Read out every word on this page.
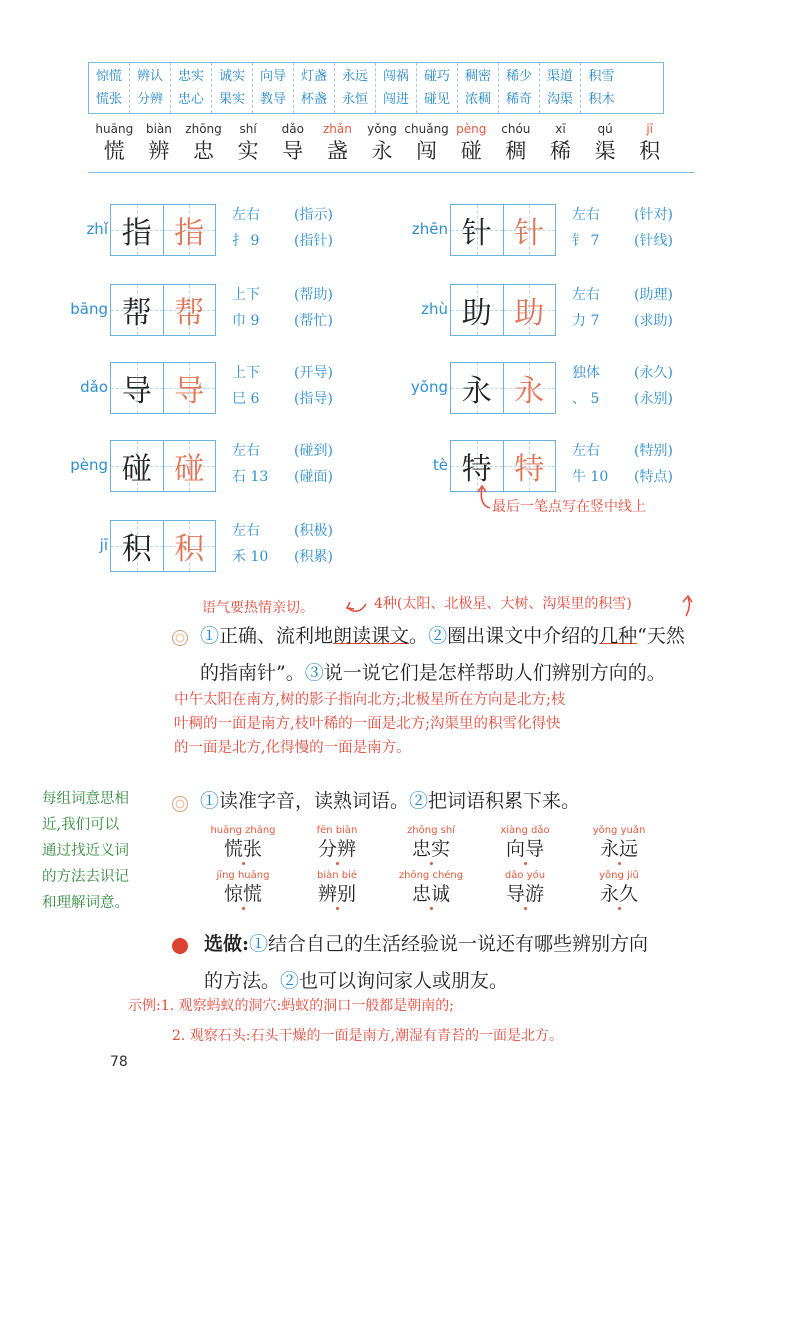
惊慌
慌张
辨认
分辨
忠实
忠心
诚实
果实
向导
教导
灯盏
杯盏
永远
永恒
闯祸
闯进
碰巧
碰见
稠密
浓稠
稀少
稀奇
渠道
沟渠
积雪
积木
huāng
慌
biàn
辨
zhōng
忠
shí
实
dǎo
导
zhǎn
盏
yǒng
永
chuǎng
闯
pèng
碰
chóu
稠
xī
稀
qú
渠
jī
积
zhǐ 指 指
左右
扌 9
(指示)
(指针)
zhēn 针 针
左右
钅 7
(针对)
(针线)
bāng 帮 帮
上下
巾 9
(帮助)
(帮忙)
zhù 助 助
左右
力 7
(助理)
(求助)
dǎo 导 导
上下
巳 6
(开导)
(指导)
yǒng 永 永
独体
、 5
(永久)
(永别)
pèng 碰 碰
左右
石 13
(碰到)
(碰面)
tè 特 特
左右
牛 10
(特别)
(特点)
jī 积 积
左右
禾 10
(积极)
(积累)
最后一笔点写在竖中线上
语气要热情亲切。	4种(太阳、北极星、大树、沟渠里的积雪)
①正确、流利地朗读课文。②圈出课文中介绍的几种“天然
的指南针”。③说一说它们是怎样帮助人们辨别方向的。
中午太阳在南方,树的影子指向北方;北极星所在方向是北方;枝
叶稠的一面是南方,枝叶稀的一面是北方;沟渠里的积雪化得快
的一面是北方,化得慢的一面是南方。
每组词意思相
近,我们可以
通过找近义词
的方法去识记
和理解词意。
①读准字音，读熟词语。②把词语积累下来。
huāng zhāng
慌张
fēn biàn
分辨
zhōng shí
忠实
xiàng dǎo
向导
yǒng yuǎn
永远
jīng huāng
惊慌
biàn bié
辨别
zhōng chéng
忠诚
dǎo yóu
导游
yǒng jiǔ
永久
选做:①结合自己的生活经验说一说还有哪些辨别方向
的方法。②也可以询问家人或朋友。
示例:1. 观察蚂蚁的洞穴:蚂蚁的洞口一般都是朝南的;
2. 观察石头:石头干燥的一面是南方,潮湿有青苔的一面是北方。
78
